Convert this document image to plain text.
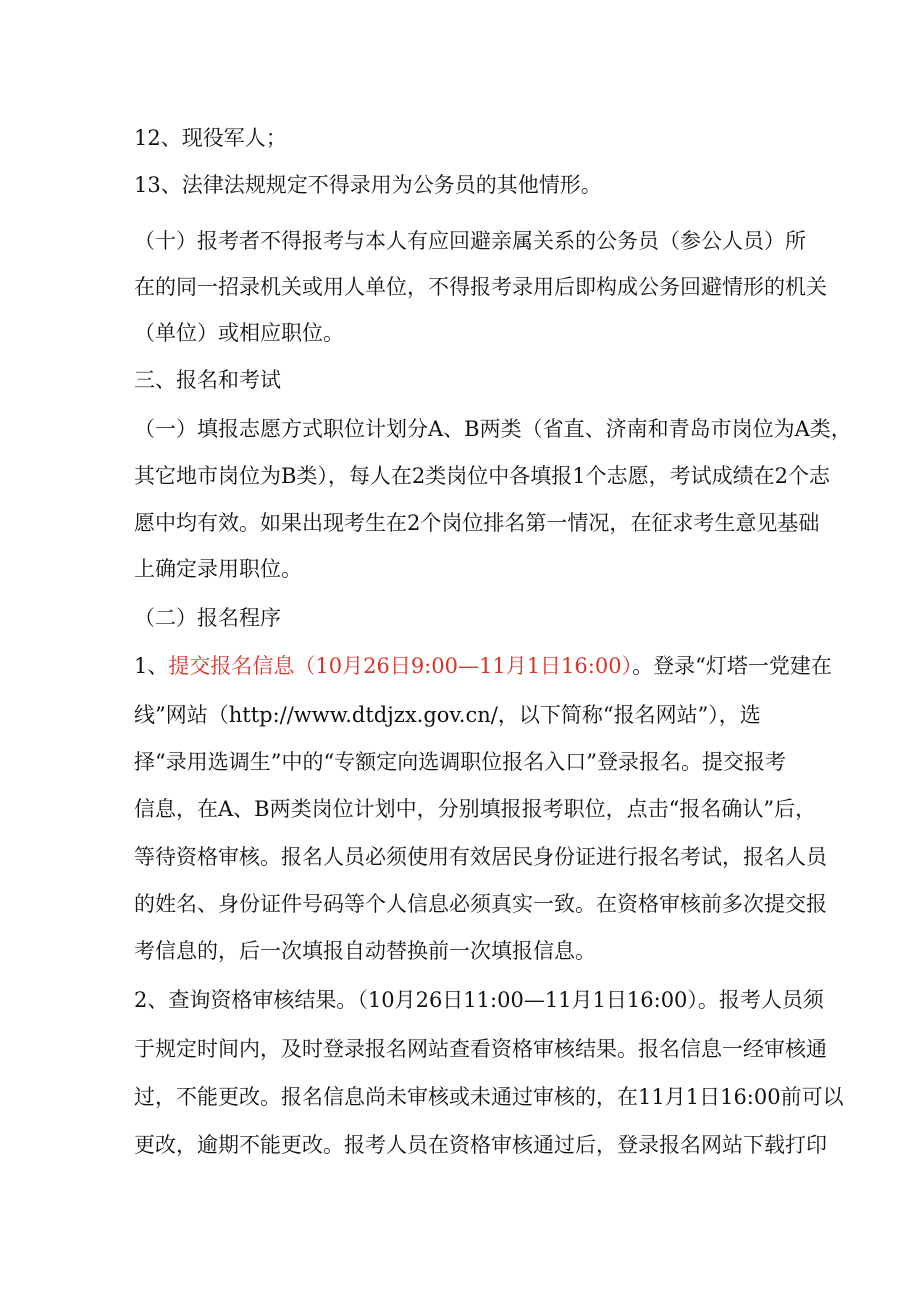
12、现役军人；
13、法律法规规定不得录用为公务员的其他情形。
（十）报考者不得报考与本人有应回避亲属关系的公务员（参公人员）所
在的同一招录机关或用人单位，不得报考录用后即构成公务回避情形的机关
（单位）或相应职位。
三、报名和考试
（一）填报志愿方式职位计划分A、B两类（省直、济南和青岛市岗位为A类，
其它地市岗位为B类），每人在2类岗位中各填报1个志愿，考试成绩在2个志
愿中均有效。如果出现考生在2个岗位排名第一情况，在征求考生意见基础
上确定录用职位。
（二）报名程序
1、提交报名信息（10月26日9:00—11月1日16:00）。登录“灯塔一党建在
线”网站（http://www.dtdjzx.gov.cn/，以下简称“报名网站”），选
择“录用选调生”中的“专额定向选调职位报名入口”登录报名。提交报考
信息，在A、B两类岗位计划中，分别填报报考职位，点击“报名确认”后，
等待资格审核。报名人员必须使用有效居民身份证进行报名考试，报名人员
的姓名、身份证件号码等个人信息必须真实一致。在资格审核前多次提交报
考信息的，后一次填报自动替换前一次填报信息。
2、查询资格审核结果。（10月26日11:00—11月1日16:00）。报考人员须
于规定时间内，及时登录报名网站查看资格审核结果。报名信息一经审核通
过，不能更改。报名信息尚未审核或未通过审核的，在11月1日16:00前可以
更改，逾期不能更改。报考人员在资格审核通过后，登录报名网站下载打印
